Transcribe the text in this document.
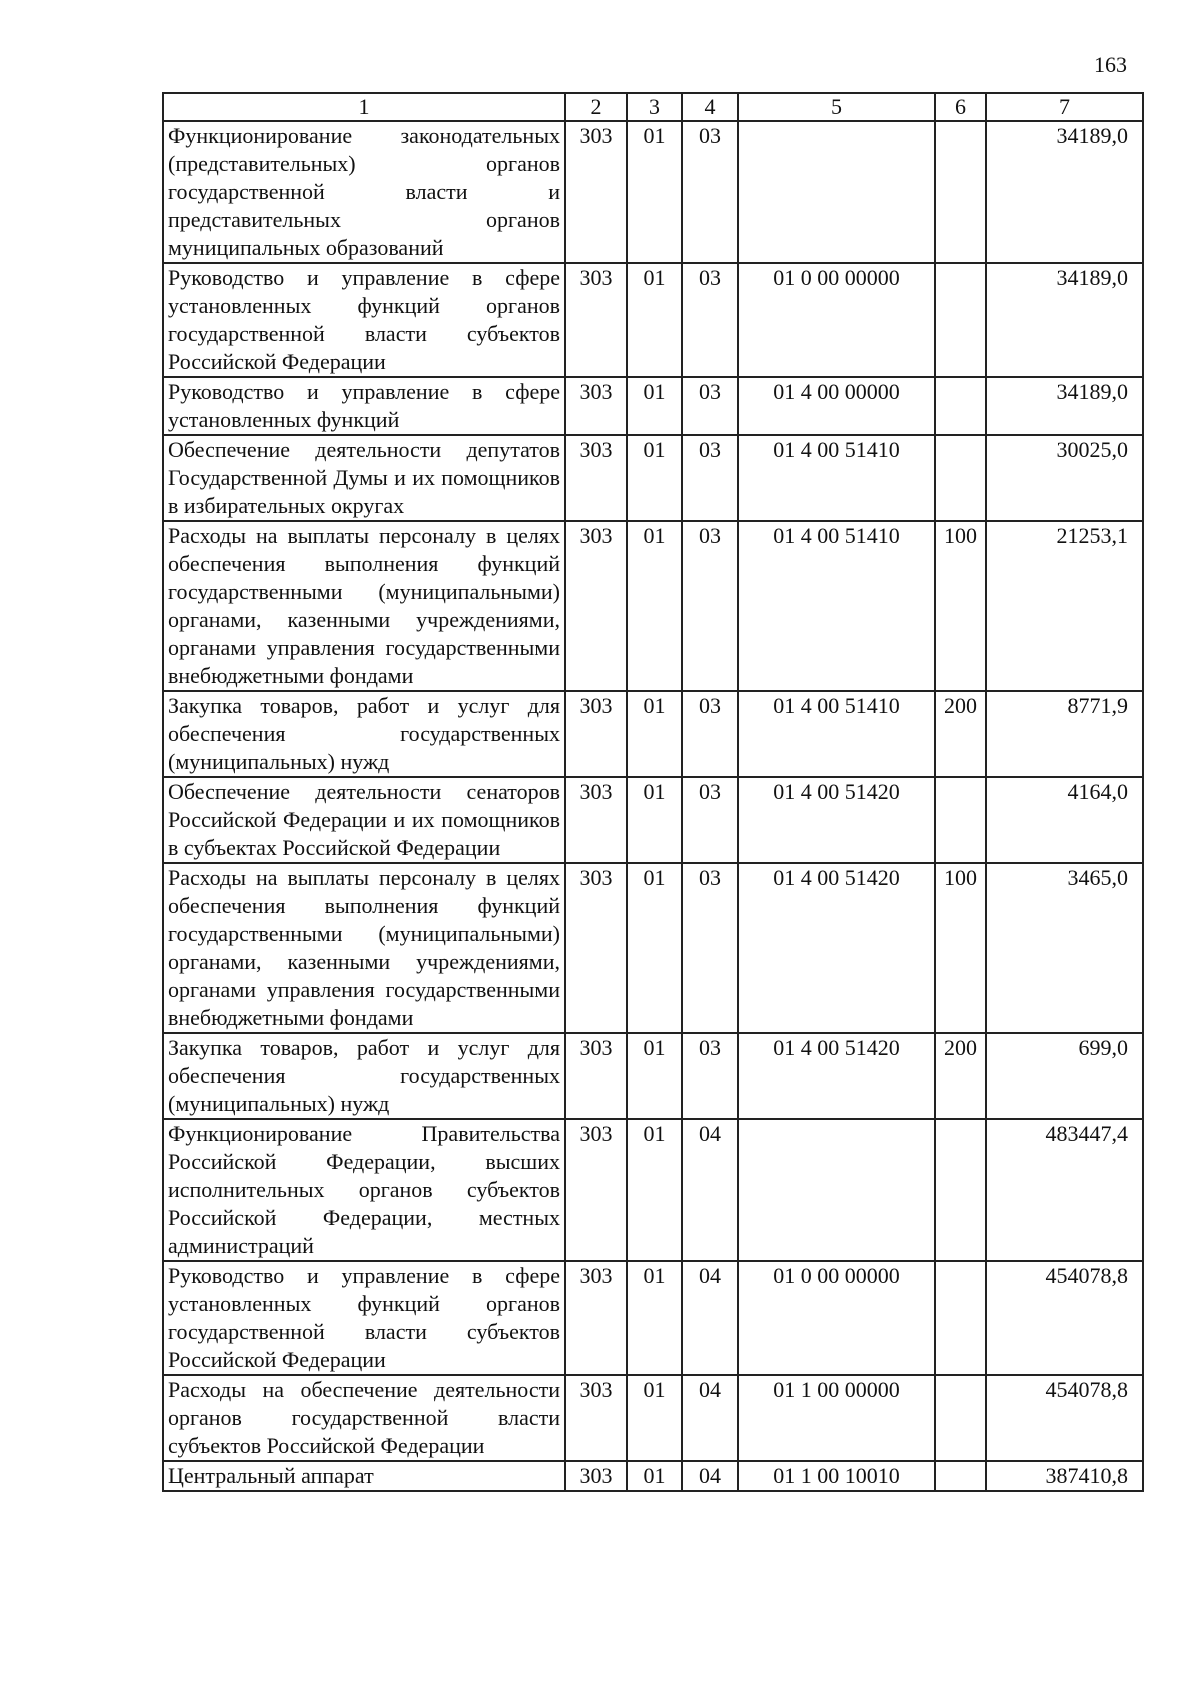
163
1	2	3	4	5	6	7
Функционирование законодательных (представительных) органов государственной власти и представительных органов муниципальных образований	303	01	03			34189,0
Руководство и управление в сфере установленных функций органов государственной власти субъектов Российской Федерации	303	01	03	01 0 00 00000		34189,0
Руководство и управление в сфере установленных функций	303	01	03	01 4 00 00000		34189,0
Обеспечение деятельности депутатов Государственной Думы и их помощников в избирательных округах	303	01	03	01 4 00 51410		30025,0
Расходы на выплаты персоналу в целях обеспечения выполнения функций государственными (муниципальными) органами, казенными учреждениями, органами управления государственными внебюджетными фондами	303	01	03	01 4 00 51410	100	21253,1
Закупка товаров, работ и услуг для обеспечения государственных (муниципальных) нужд	303	01	03	01 4 00 51410	200	8771,9
Обеспечение деятельности сенаторов Российской Федерации и их помощников в субъектах Российской Федерации	303	01	03	01 4 00 51420		4164,0
Расходы на выплаты персоналу в целях обеспечения выполнения функций государственными (муниципальными) органами, казенными учреждениями, органами управления государственными внебюджетными фондами	303	01	03	01 4 00 51420	100	3465,0
Закупка товаров, работ и услуг для обеспечения государственных (муниципальных) нужд	303	01	03	01 4 00 51420	200	699,0
Функционирование Правительства Российской Федерации, высших исполнительных органов субъектов Российской Федерации, местных администраций	303	01	04			483447,4
Руководство и управление в сфере установленных функций органов государственной власти субъектов Российской Федерации	303	01	04	01 0 00 00000		454078,8
Расходы на обеспечение деятельности органов государственной власти субъектов Российской Федерации	303	01	04	01 1 00 00000		454078,8
Центральный аппарат	303	01	04	01 1 00 10010		387410,8
